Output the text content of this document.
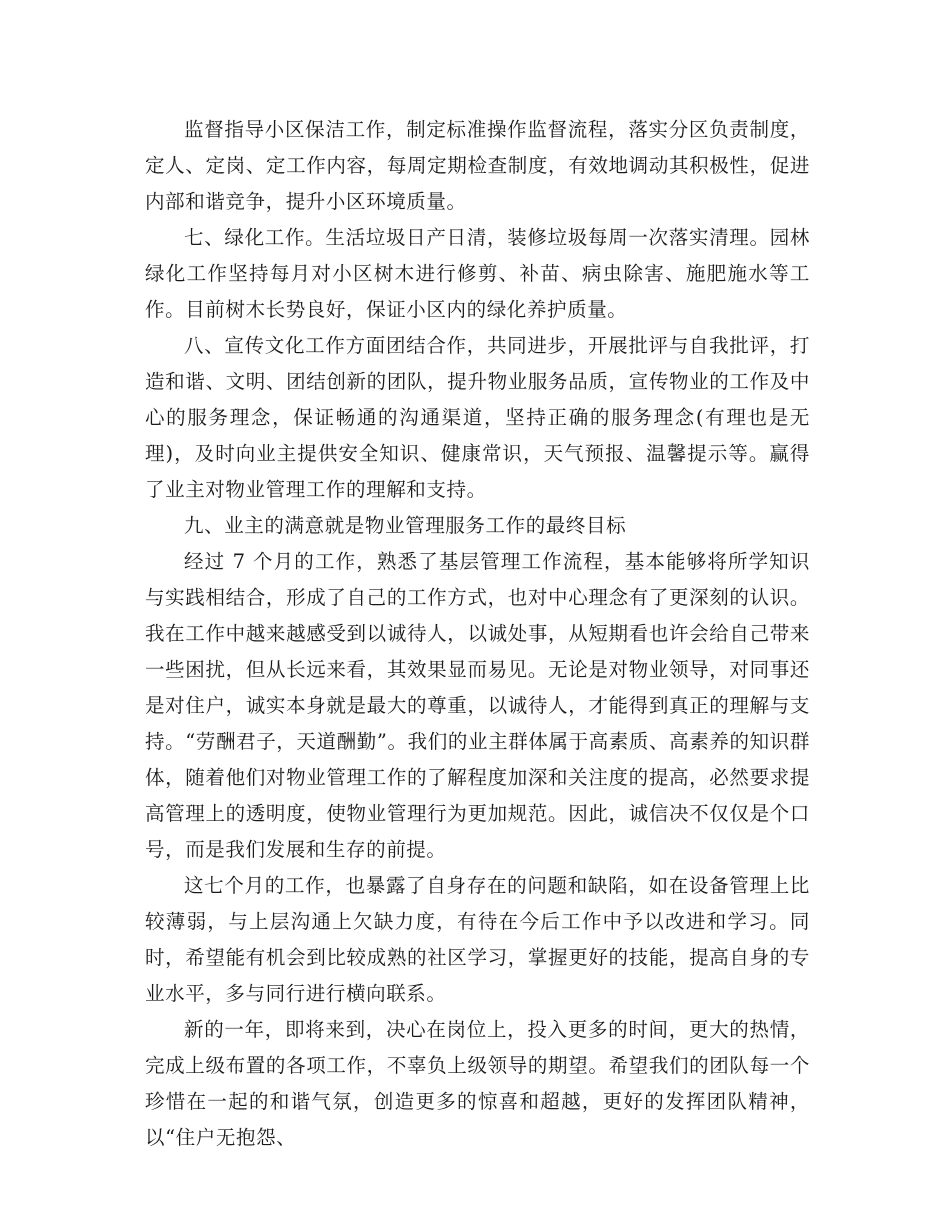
监督指导小区保洁工作，制定标准操作监督流程，落实分区负责制度，定人、定岗、定工作内容，每周定期检查制度，有效地调动其积极性，促进内部和谐竞争，提升小区环境质量。

七、绿化工作。生活垃圾日产日清，装修垃圾每周一次落实清理。园林绿化工作坚持每月对小区树木进行修剪、补苗、病虫除害、施肥施水等工作。目前树木长势良好，保证小区内的绿化养护质量。

八、宣传文化工作方面团结合作，共同进步，开展批评与自我批评，打造和谐、文明、团结创新的团队，提升物业服务品质，宣传物业的工作及中心的服务理念，保证畅通的沟通渠道，坚持正确的服务理念(有理也是无理)，及时向业主提供安全知识、健康常识，天气预报、温馨提示等。赢得了业主对物业管理工作的理解和支持。

九、业主的满意就是物业管理服务工作的最终目标

经过 7 个月的工作，熟悉了基层管理工作流程，基本能够将所学知识与实践相结合，形成了自己的工作方式，也对中心理念有了更深刻的认识。我在工作中越来越感受到以诚待人，以诚处事，从短期看也许会给自己带来一些困扰，但从长远来看，其效果显而易见。无论是对物业领导，对同事还是对住户，诚实本身就是最大的尊重，以诚待人，才能得到真正的理解与支持。“劳酬君子，天道酬勤”。我们的业主群体属于高素质、高素养的知识群体，随着他们对物业管理工作的了解程度加深和关注度的提高，必然要求提高管理上的透明度，使物业管理行为更加规范。因此，诚信决不仅仅是个口号，而是我们发展和生存的前提。

这七个月的工作，也暴露了自身存在的问题和缺陷，如在设备管理上比较薄弱，与上层沟通上欠缺力度，有待在今后工作中予以改进和学习。同时，希望能有机会到比较成熟的社区学习，掌握更好的技能，提高自身的专业水平，多与同行进行横向联系。

新的一年，即将来到，决心在岗位上，投入更多的时间，更大的热情，完成上级布置的各项工作，不辜负上级领导的期望。希望我们的团队每一个珍惜在一起的和谐气氛，创造更多的惊喜和超越，更好的发挥团队精神，以“住户无抱怨、
